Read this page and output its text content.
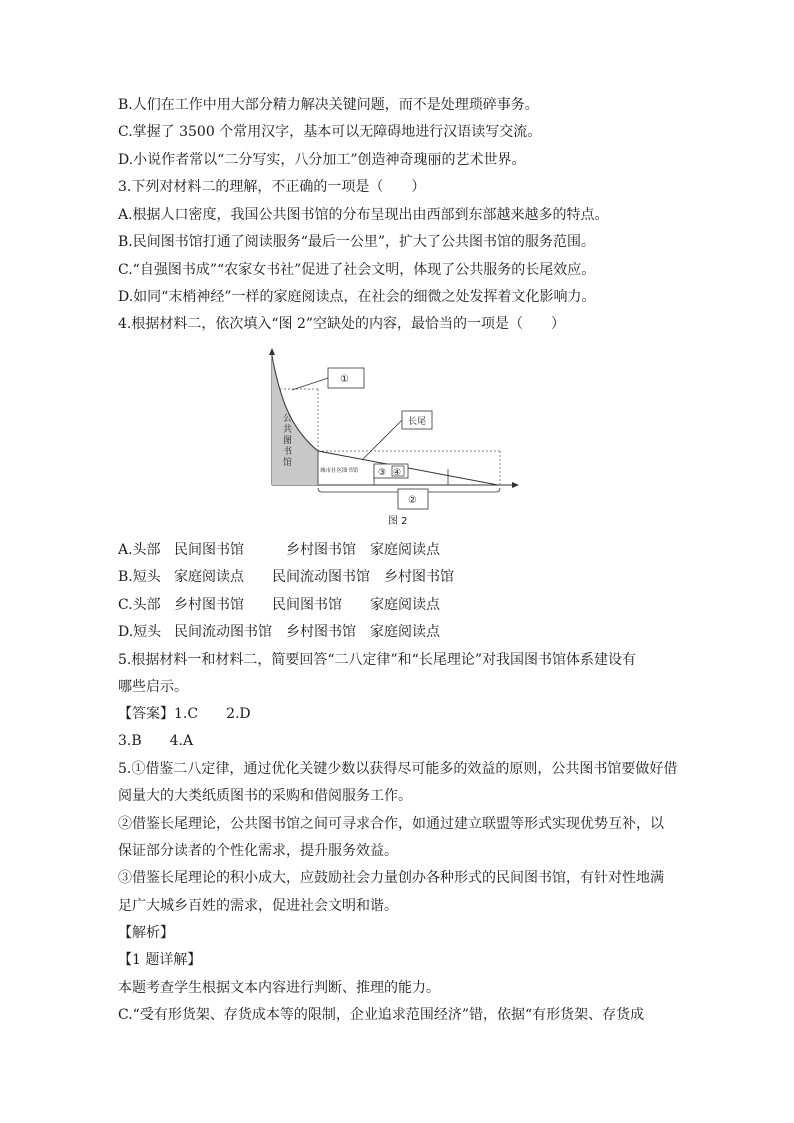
B.人们在工作中用大部分精力解决关键问题，而不是处理琐碎事务。
C.掌握了 3500 个常用汉字，基本可以无障碍地进行汉语读写交流。
D.小说作者常以“二分写实，八分加工”创造神奇瑰丽的艺术世界。
3.下列对材料二的理解，不正确的一项是（　　）
A.根据人口密度，我国公共图书馆的分布呈现出由西部到东部越来越多的特点。
B.民间图书馆打通了阅读服务“最后一公里”，扩大了公共图书馆的服务范围。
C.“自强图书成”“农家女书社”促进了社会文明，体现了公共服务的长尾效应。
D.如同“末梢神经”一样的家庭阅读点，在社会的细微之处发挥着文化影响力。
4.根据材料二，依次填入“图 2”空缺处的内容，最恰当的一项是（　　）
公
共
图
书
馆
①
长尾
城市社区图书馆 ③ ④
②
图 2
A.头部 民间图书馆	乡村图书馆 家庭阅读点
B.短头 家庭阅读点 民间流动图书馆 乡村图书馆
C.头部 乡村图书馆 民间图书馆 家庭阅读点
D.短头 民间流动图书馆 乡村图书馆 家庭阅读点
5.根据材料一和材料二，简要回答“二八定律”和“长尾理论”对我国图书馆体系建设有
哪些启示。
【答案】1.C　　2.D
3.B　　4.A
5.①借鉴二八定律，通过优化关键少数以获得尽可能多的效益的原则，公共图书馆要做好借
阅量大的大类纸质图书的采购和借阅服务工作。
②借鉴长尾理论，公共图书馆之间可寻求合作，如通过建立联盟等形式实现优势互补，以
保证部分读者的个性化需求，提升服务效益。
③借鉴长尾理论的积小成大，应鼓励社会力量创办各种形式的民间图书馆，有针对性地满
足广大城乡百姓的需求，促进社会文明和谐。
【解析】
【1 题详解】
本题考查学生根据文本内容进行判断、推理的能力。
C.“受有形货架、存货成本等的限制，企业追求范围经济”错，依据“有形货架、存货成
